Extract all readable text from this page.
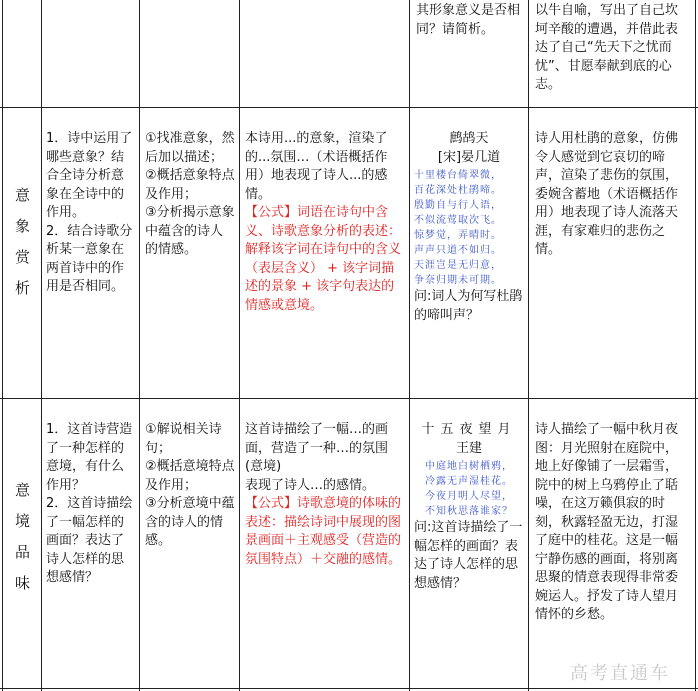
其形象意义是否相同？请简析。

以牛自喻，写出了自己坎坷辛酸的遭遇，并借此表达了自己“先天下之忧而忧”、甘愿奉献到底的心志。

意
象
赏
析

1．诗中运用了哪些意象？结合全诗分析意象在全诗中的作用。

2．结合诗歌分析某一意象在两首诗中的作用是否相同。

①找准意象，然后加以描述；

②概括意象特点及作用；

③分析揭示意象中蕴含的诗人的情感。

本诗用...的意象，渲染了的...氛围…（术语概括作用）地表现了诗人...的感情。

【公式】词语在诗句中含义、诗歌意象分析的表述：解释该字词在诗句中的含义（表层含义） + 该字词描述的景象 + 该字句表达的情感或意境。

鹧鸪天

[宋]晏几道

十里楼台倚翠微，

百花深处杜鹃啼。

殷勤自与行人语，

不似流莺取次飞。

惊梦觉，弄晴时。

声声只道不如归。

天涯岂是无归意，

争奈归期未可期。

问:词人为何写杜鹃的啼叫声？

诗人用杜鹃的意象，仿佛令人感觉到它哀切的啼声，渲染了悲伤的氛围，委婉含蓄地（术语概括作用）地表现了诗人流落天涯，有家难归的悲伤之情。

意
境
品
味

1．这首诗营造了一种怎样的意境，有什么作用？

2．这首诗描绘了一幅怎样的画面？表达了诗人怎样的思想感情？

①解说相关诗句；

②概括意境特点及作用；

③分析意境中蕴含的诗人的情感。

这首诗描绘了一幅…的画面，营造了一种…的氛围(意境)

表现了诗人…的感情。

【公式】诗歌意境的体味的表述：描绘诗词中展现的图景画面＋主观感受（营造的氛围特点）＋交融的感情。

十五夜望月

王建

中庭地白树栖鸦，

冷露无声湿桂花。

今夜月明人尽望，

不知秋思落谁家？

问:这首诗描绘了一幅怎样的画面？表达了诗人怎样的思想感情？

诗人描绘了一幅中秋月夜图：月光照射在庭院中，地上好像铺了一层霜雪，院中的树上乌鸦停止了聒噪，在这万籁俱寂的时刻，秋露轻盈无边，打湿了庭中的桂花。这是一幅宁静伤感的画面，将别离思聚的情意表现得非常委婉运人。抒发了诗人望月情怀的乡愁。

高考直通车
